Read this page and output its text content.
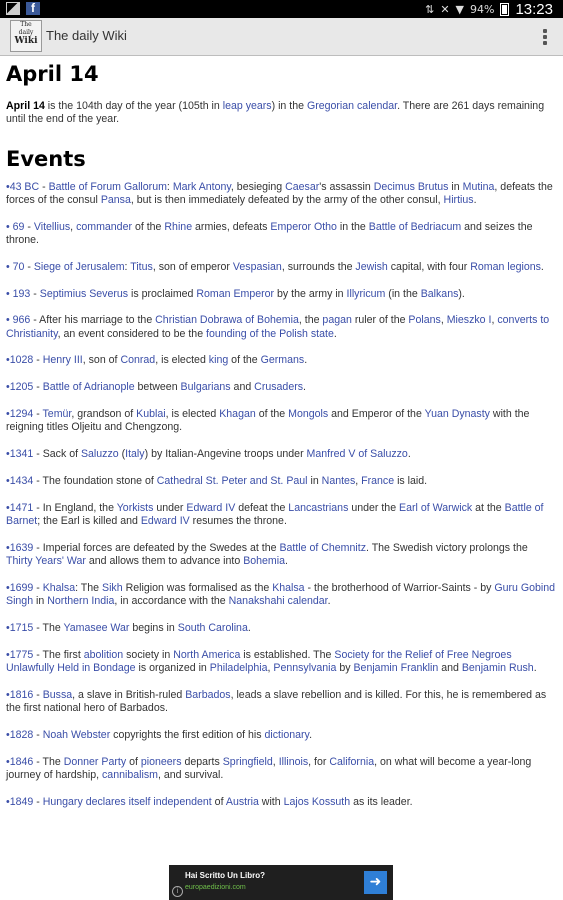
f	⇅ ✕ ▼ 94% 13:23
The
daily
Wiki The daily Wiki
April 14

April 14 is the 104th day of the year (105th in leap years) in the Gregorian calendar. There are 261 days remaining until the end of the year.

Events

•43 BC - Battle of Forum Gallorum: Mark Antony, besieging Caesar's assassin Decimus Brutus in Mutina, defeats the forces of the consul Pansa, but is then immediately defeated by the army of the other consul, Hirtius.

• 69 - Vitellius, commander of the Rhine armies, defeats Emperor Otho in the Battle of Bedriacum and seizes the throne.

• 70 - Siege of Jerusalem: Titus, son of emperor Vespasian, surrounds the Jewish capital, with four Roman legions.

• 193 - Septimius Severus is proclaimed Roman Emperor by the army in Illyricum (in the Balkans).

• 966 - After his marriage to the Christian Dobrawa of Bohemia, the pagan ruler of the Polans, Mieszko I, converts to Christianity, an event considered to be the founding of the Polish state.

•1028 - Henry III, son of Conrad, is elected king of the Germans.

•1205 - Battle of Adrianople between Bulgarians and Crusaders.

•1294 - Temür, grandson of Kublai, is elected Khagan of the Mongols and Emperor of the Yuan Dynasty with the reigning titles Oljeitu and Chengzong.

•1341 - Sack of Saluzzo (Italy) by Italian-Angevine troops under Manfred V of Saluzzo.

•1434 - The foundation stone of Cathedral St. Peter and St. Paul in Nantes, France is laid.

•1471 - In England, the Yorkists under Edward IV defeat the Lancastrians under the Earl of Warwick at the Battle of Barnet; the Earl is killed and Edward IV resumes the throne.

•1639 - Imperial forces are defeated by the Swedes at the Battle of Chemnitz. The Swedish victory prolongs the Thirty Years' War and allows them to advance into Bohemia.

•1699 - Khalsa: The Sikh Religion was formalised as the Khalsa - the brotherhood of Warrior-Saints - by Guru Gobind Singh in Northern India, in accordance with the Nanakshahi calendar.

•1715 - The Yamasee War begins in South Carolina.

•1775 - The first abolition society in North America is established. The Society for the Relief of Free Negroes Unlawfully Held in Bondage is organized in Philadelphia, Pennsylvania by Benjamin Franklin and Benjamin Rush.

•1816 - Bussa, a slave in British-ruled Barbados, leads a slave rebellion and is killed. For this, he is remembered as the first national hero of Barbados.

•1828 - Noah Webster copyrights the first edition of his dictionary.

•1846 - The Donner Party of pioneers departs Springfield, Illinois, for California, on what will become a year-long journey of hardship, cannibalism, and survival.

•1849 - Hungary declares itself independent of Austria with Lajos Kossuth as its leader.

i
Hai Scritto Un Libro?
europaedizioni.com	➜
